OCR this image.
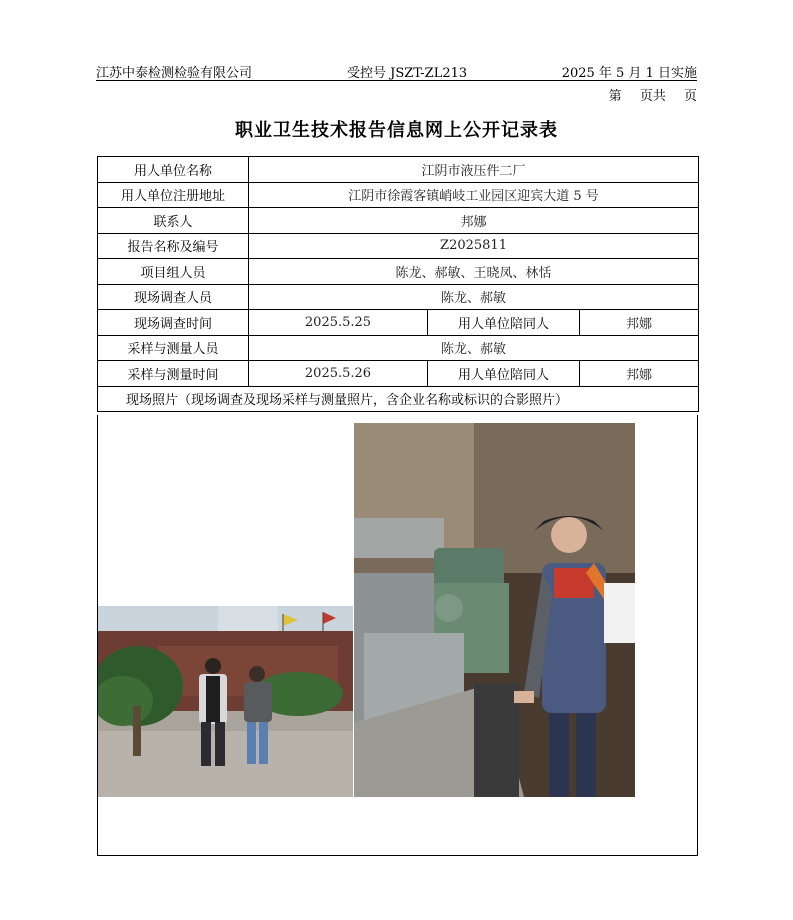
江苏中泰检测检验有限公司	受控号 JSZT-ZL213	2025 年 5 月 1 日实施
第 页共 页
职业卫生技术报告信息网上公开记录表
用人单位名称	江阴市液压件二厂		
用人单位注册地址	江阴市徐霞客镇峭岐工业园区迎宾大道 5 号		
联系人	邦娜		
报告名称及编号	Z2025811		
项目组人员	陈龙、郝敏、王晓凤、林恬		
现场调查人员	陈龙、郝敏		
现场调查时间	2025.5.25	用人单位陪同人	邦娜
采样与测量人员	陈龙、郝敏		
采样与测量时间	2025.5.26	用人单位陪同人	邦娜
现场照片（现场调查及现场采样与测量照片，含企业名称或标识的合影照片）			
